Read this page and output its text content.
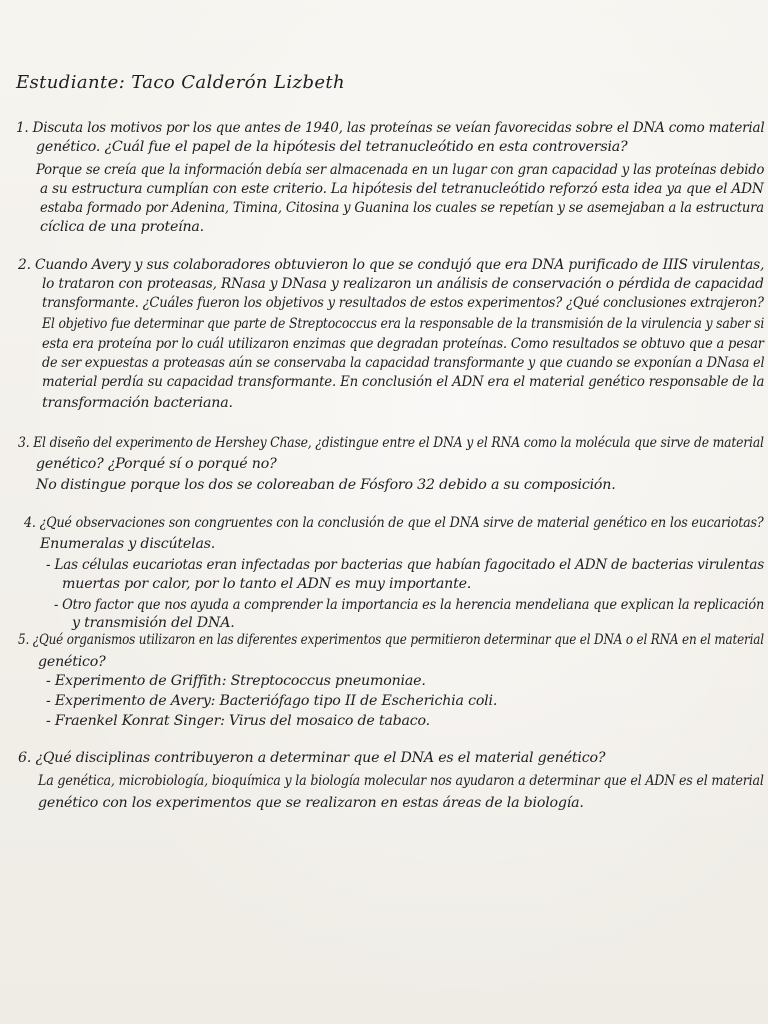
Estudiante: Taco Calderón Lizbeth
1. Discuta los motivos por los que antes de 1940, las proteínas se veían favorecidas sobre el DNA como material
genético. ¿Cuál fue el papel de la hipótesis del tetranucleótido en esta controversia?
Porque se creía que la información debía ser almacenada en un lugar con gran capacidad y las proteínas debido
a su estructura cumplían con este criterio. La hipótesis del tetranucleótido reforzó esta idea ya que el ADN
estaba formado por Adenina, Timina, Citosina y Guanina los cuales se repetían y se asemejaban a la estructura
cíclica de una proteína.
2. Cuando Avery y sus colaboradores obtuvieron lo que se condujó que era DNA purificado de IIIS virulentas,
lo trataron con proteasas, RNasa y DNasa y realizaron un análisis de conservación o pérdida de capacidad
transformante. ¿Cuáles fueron los objetivos y resultados de estos experimentos? ¿Qué conclusiones extrajeron?
El objetivo fue determinar que parte de Streptococcus era la responsable de la transmisión de la virulencia y saber si
esta era proteína por lo cuál utilizaron enzimas que degradan proteínas. Como resultados se obtuvo que a pesar
de ser expuestas a proteasas aún se conservaba la capacidad transformante y que cuando se exponían a DNasa el
material perdía su capacidad transformante. En conclusión el ADN era el material genético responsable de la
transformación bacteriana.
3. El diseño del experimento de Hershey Chase, ¿distingue entre el DNA y el RNA como la molécula que sirve de material
genético? ¿Porqué sí o porqué no?
No distingue porque los dos se coloreaban de Fósforo 32 debido a su composición.
4. ¿Qué observaciones son congruentes con la conclusión de que el DNA sirve de material genético en los eucariotas?
Enumeralas y discútelas.
- Las células eucariotas eran infectadas por bacterias que habían fagocitado el ADN de bacterias virulentas
muertas por calor, por lo tanto el ADN es muy importante.
- Otro factor que nos ayuda a comprender la importancia es la herencia mendeliana que explican la replicación
y transmisión del DNA.
5. ¿Qué organismos utilizaron en las diferentes experimentos que permitieron determinar que el DNA o el RNA en el material
genético?
- Experimento de Griffith: Streptococcus pneumoniae.
- Experimento de Avery: Bacteriófago tipo II de Escherichia coli.
- Fraenkel Konrat Singer: Virus del mosaico de tabaco.
6. ¿Qué disciplinas contribuyeron a determinar que el DNA es el material genético?
La genética, microbiología, bioquímica y la biología molecular nos ayudaron a determinar que el ADN es el material
genético con los experimentos que se realizaron en estas áreas de la biología.
